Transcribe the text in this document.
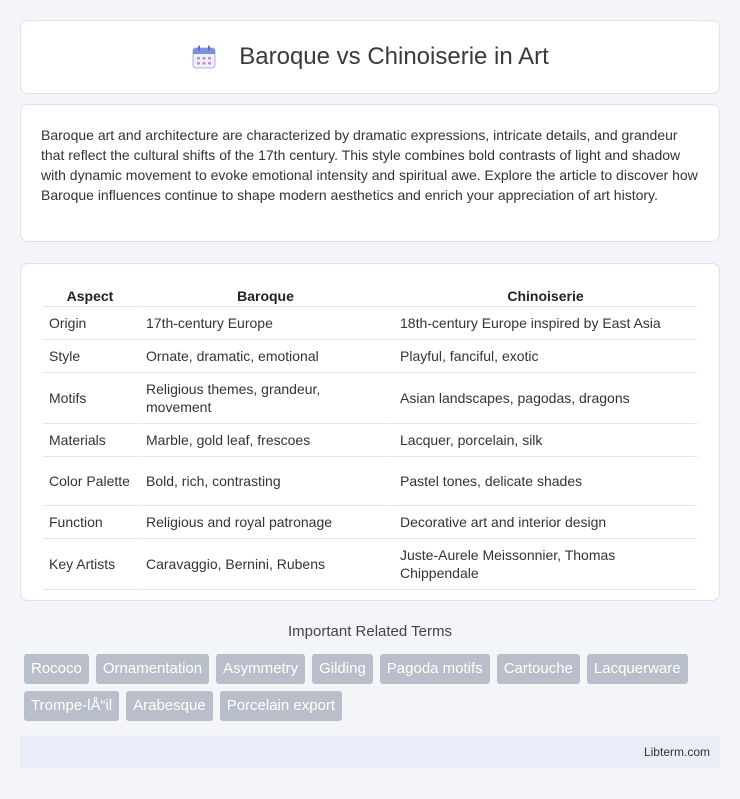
Baroque vs Chinoiserie in Art

Baroque art and architecture are characterized by dramatic expressions, intricate details, and grandeur that reflect the cultural shifts of the 17th century. This style combines bold contrasts of light and shadow with dynamic movement to evoke emotional intensity and spiritual awe. Explore the article to discover how Baroque influences continue to shape modern aesthetics and enrich your appreciation of art history.

Aspect	Baroque	Chinoiserie
Origin	17th-century Europe	18th-century Europe inspired by East Asia
Style	Ornate, dramatic, emotional	Playful, fanciful, exotic
Motifs	Religious themes, grandeur, movement	Asian landscapes, pagodas, dragons
Materials	Marble, gold leaf, frescoes	Lacquer, porcelain, silk
Color Palette	Bold, rich, contrasting	Pastel tones, delicate shades
Function	Religious and royal patronage	Decorative art and interior design
Key Artists	Caravaggio, Bernini, Rubens	Juste-Aurele Meissonnier, Thomas Chippendale
Important Related Terms
Rococo	Ornamentation	Asymmetry	Gilding	Pagoda motifs	Cartouche	Lacquerware
Trompe-lÅ“il	Arabesque	Porcelain export
Libterm.com
